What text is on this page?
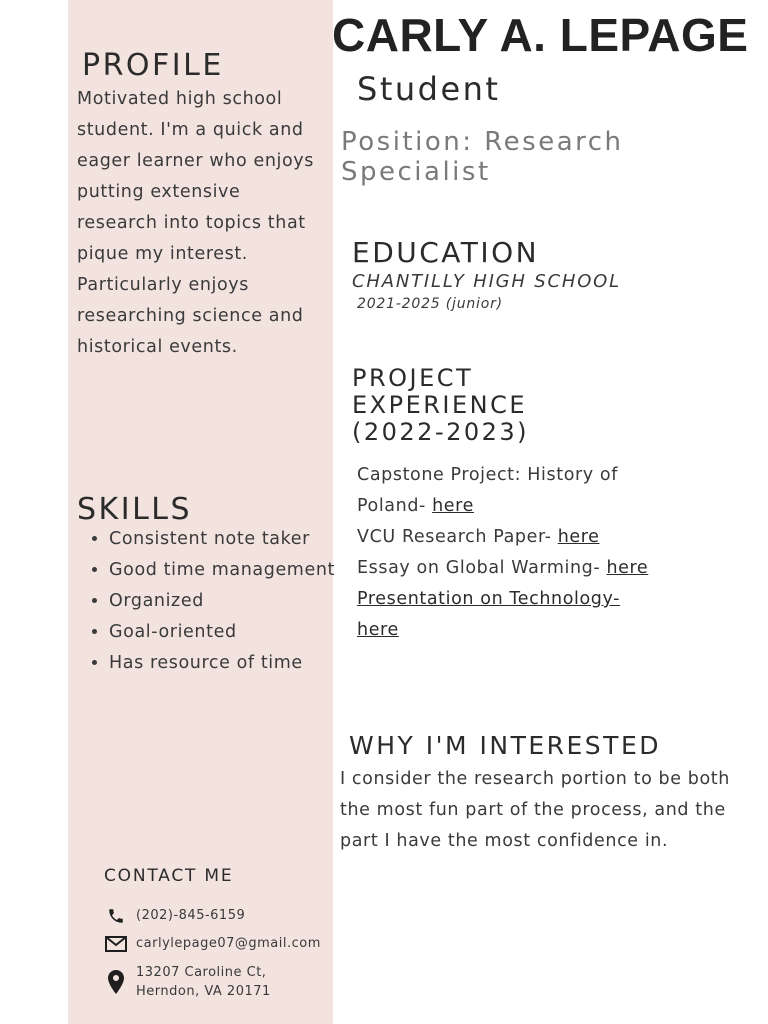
CARLY A. LEPAGE
Student
Position: Research Specialist
PROFILE

Motivated high school student. I'm a quick and eager learner who enjoys putting extensive research into topics that pique my interest. Particularly enjoys researching science and historical events.

SKILLS
• Consistent note taker
• Good time management
• Organized
• Goal-oriented
• Has resource of time
CONTACT ME
(202)-845-6159
carlylepage07@gmail.com
13207 Caroline Ct,
Herndon, VA 20171
EDUCATION
CHANTILLY HIGH SCHOOL
2021-2025 (junior)
PROJECT EXPERIENCE (2022-2023)
Capstone Project: History of Poland- here
VCU Research Paper- here
Essay on Global Warming- here
Presentation on Technology- here
WHY I'M INTERESTED

I consider the research portion to be both the most fun part of the process, and the part I have the most confidence in.
